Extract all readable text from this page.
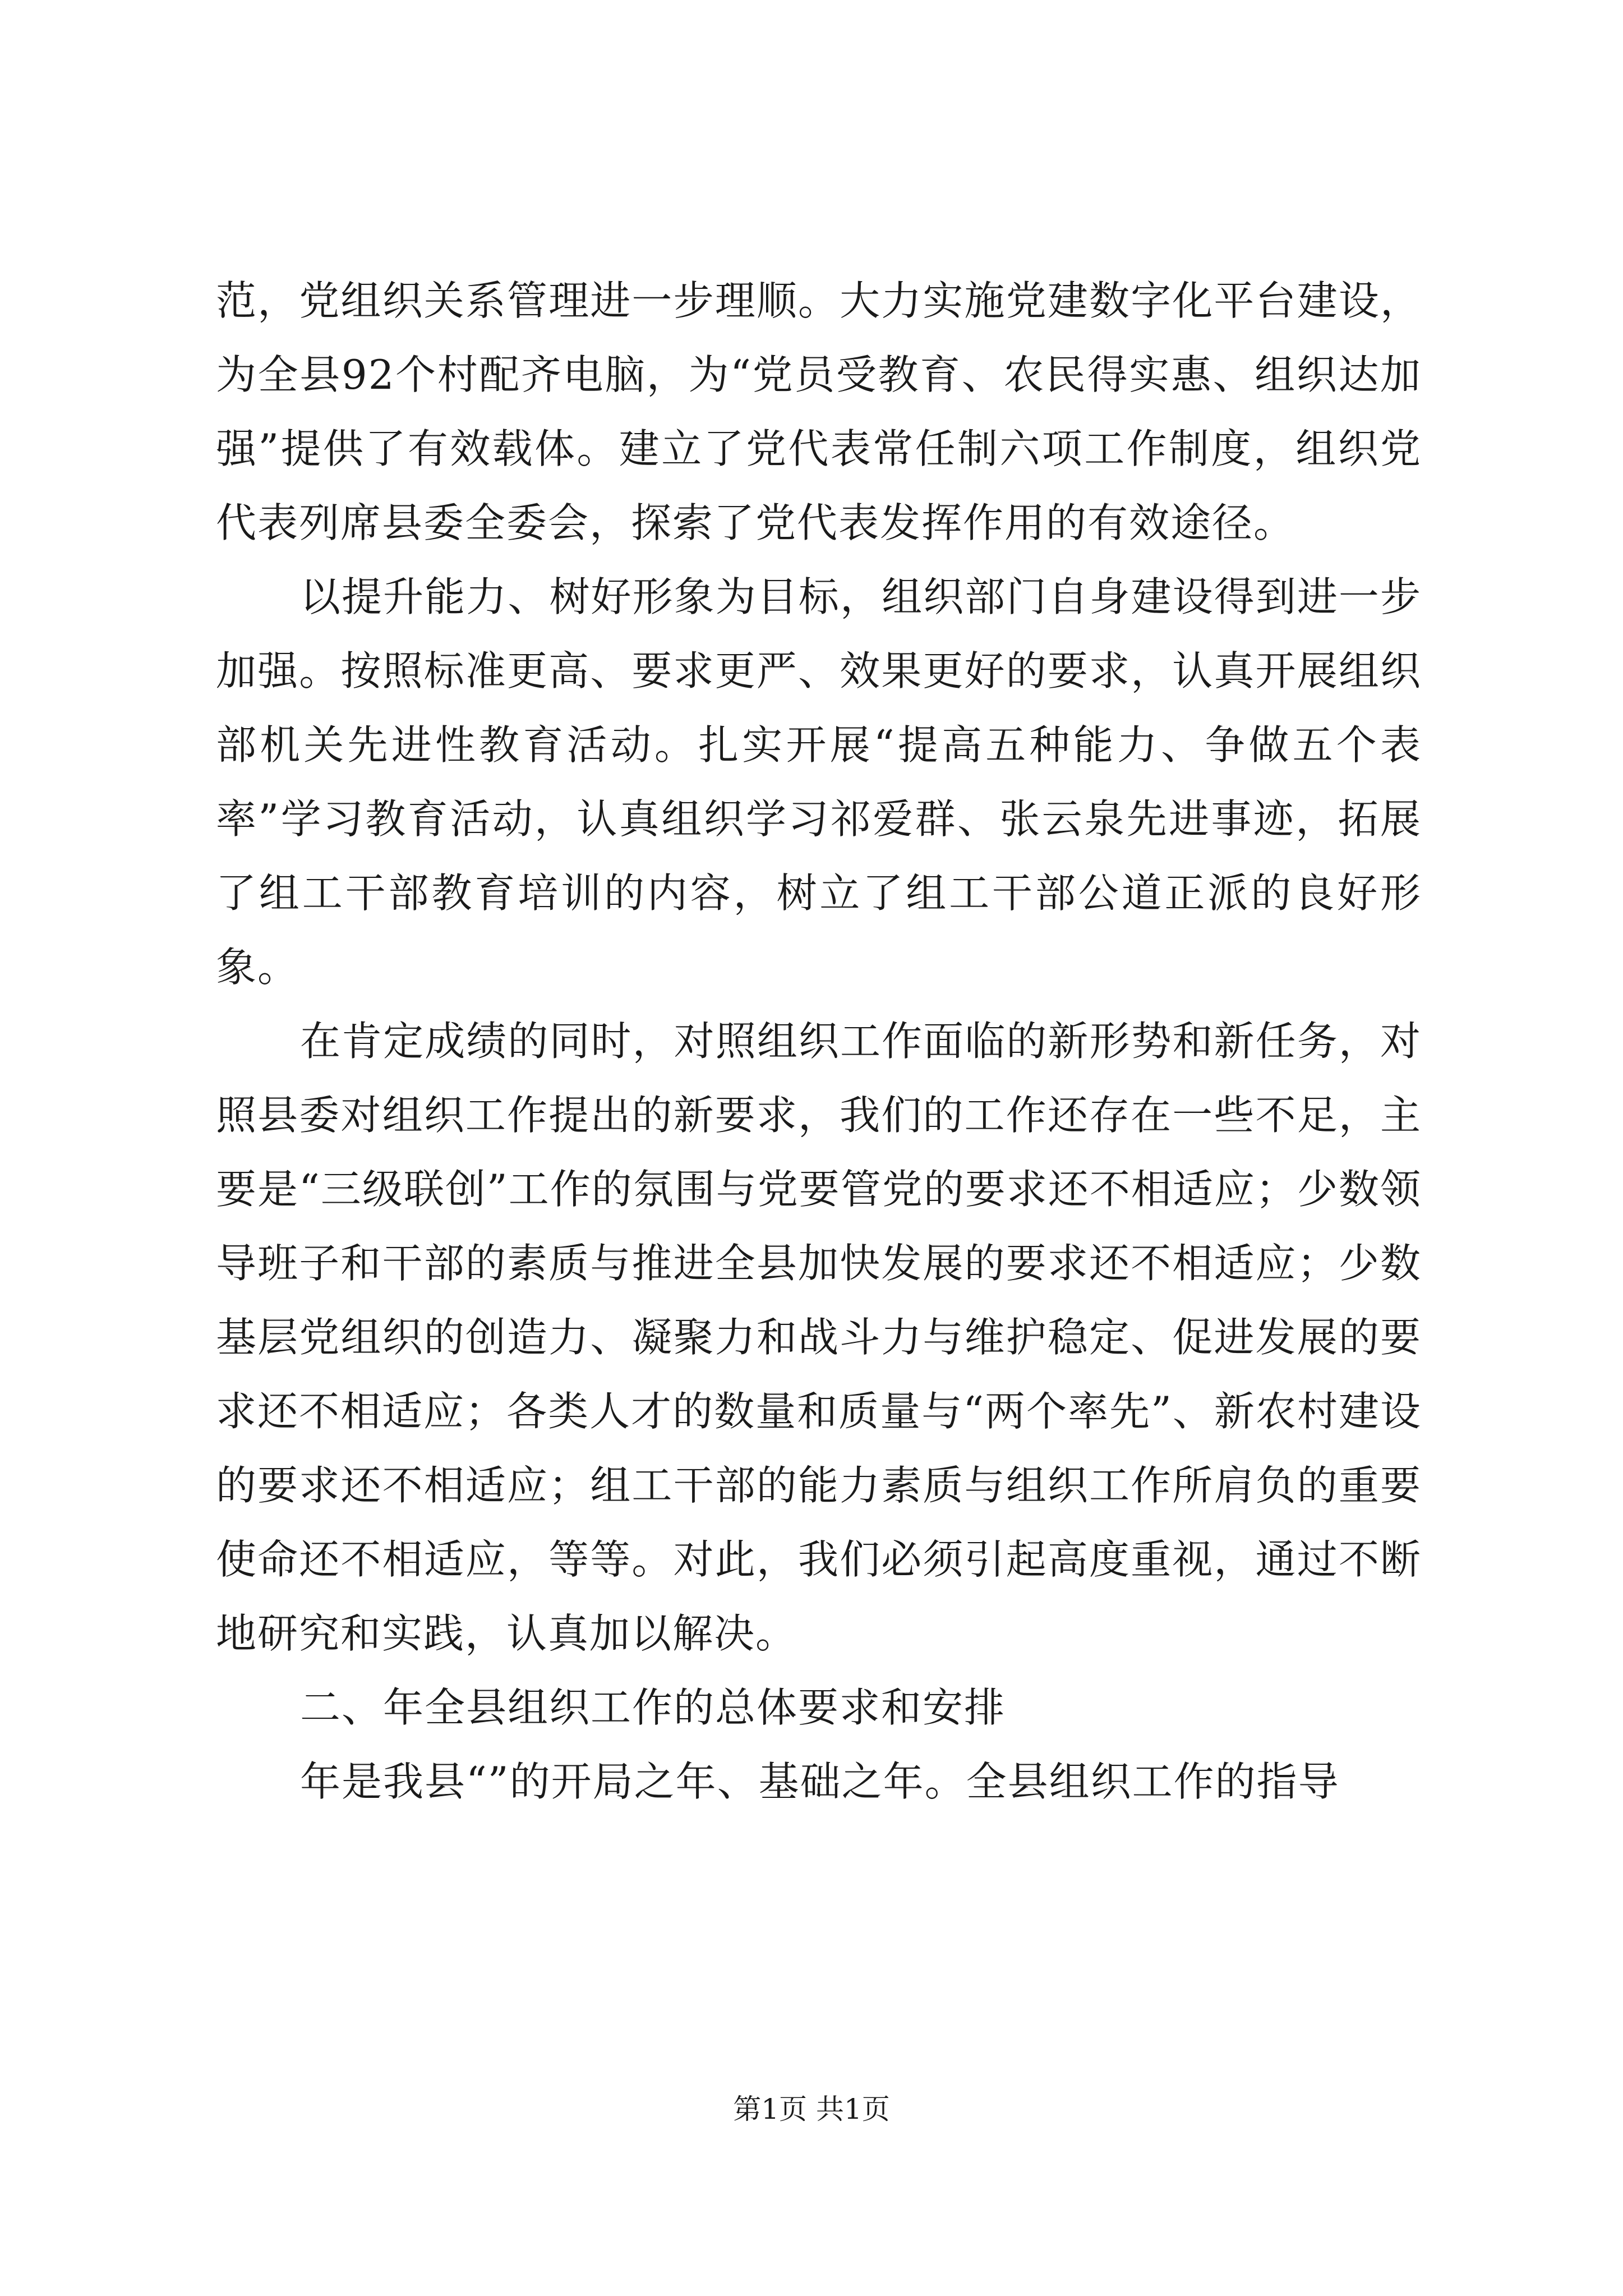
范，党组织关系管理进一步理顺。大力实施党建数字化平台建设，为全县92个村配齐电脑，为“党员受教育、农民得实惠、组织达加强”提供了有效载体。建立了党代表常任制六项工作制度，组织党代表列席县委全委会，探索了党代表发挥作用的有效途径。

以提升能力、树好形象为目标，组织部门自身建设得到进一步加强。按照标准更高、要求更严、效果更好的要求，认真开展组织部机关先进性教育活动。扎实开展“提高五种能力、争做五个表率”学习教育活动，认真组织学习祁爱群、张云泉先进事迹，拓展了组工干部教育培训的内容，树立了组工干部公道正派的良好形象。

在肯定成绩的同时，对照组织工作面临的新形势和新任务，对照县委对组织工作提出的新要求，我们的工作还存在一些不足，主要是“三级联创”工作的氛围与党要管党的要求还不相适应；少数领导班子和干部的素质与推进全县加快发展的要求还不相适应；少数基层党组织的创造力、凝聚力和战斗力与维护稳定、促进发展的要求还不相适应；各类人才的数量和质量与“两个率先”、新农村建设的要求还不相适应；组工干部的能力素质与组织工作所肩负的重要使命还不相适应，等等。对此，我们必须引起高度重视，通过不断地研究和实践，认真加以解决。

二、年全县组织工作的总体要求和安排

年是我县“”的开局之年、基础之年。全县组织工作的指导

第1页 共1页
